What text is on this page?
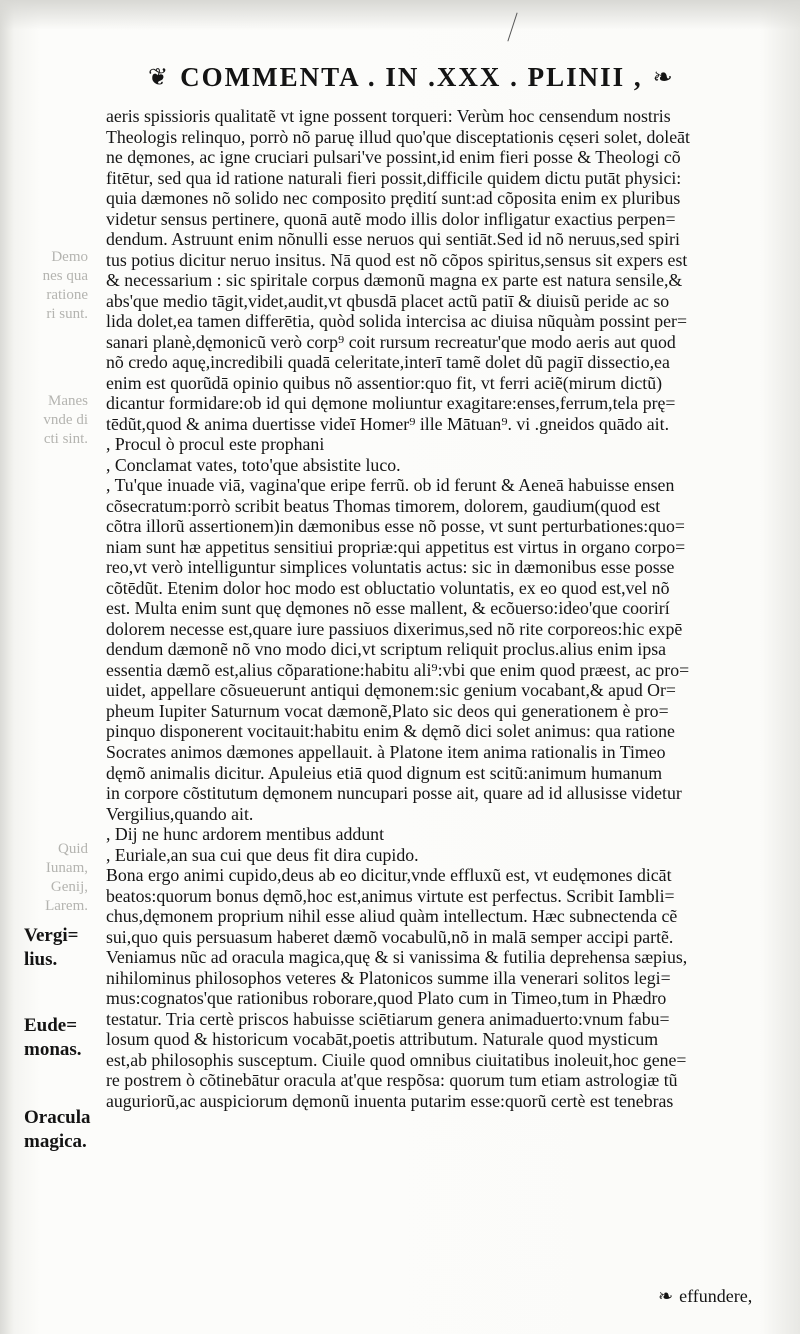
❦ COMMENTA . IN .XXX . PLINII , ❧
aeris spissioris qualitatẽ vt igne possent torqueri: Verùm hoc censendum nostris
Theologis relinquo, porrò nõ paruę illud quo'que disceptationis cęseri solet, doleāt
ne dęmones, ac igne cruciari pulsari've possint,id enim fieri posse & Theologi cõ
fitētur, sed qua id ratione naturali fieri possit,difficile quidem dictu putāt physici:
quia dæmones nõ solido nec composito prędití sunt:ad cõposita enim ex pluribus
videtur sensus pertinere, quonā autẽ modo illis dolor infligatur exactius perpen=
dendum. Astruunt enim nõnulli esse neruos qui sentiāt.Sed id nõ neruus,sed spiri
tus potius dicitur neruo insitus. Nā quod est nõ cõpos spiritus,sensus sit expers est
& necessarium : sic spiritale corpus dæmonũ magna ex parte est natura sensile,&
abs'que medio tāgit,videt,audit,vt qbusdā placet actũ patiī & diuisũ peride ac so
lida dolet,ea tamen differētia, quòd solida intercisa ac diuisa nũquàm possint per=
sanari planè,dęmonicũ verò corp⁹ coit rursum recreatur'que modo aeris aut quod
nõ credo aquę,incredibili quadā celeritate,interī tamẽ dolet dũ pagiī dissectio,ea
enim est quorũdā opinio quibus nõ assentior:quo fit, vt ferri aciẽ(mirum dictũ)
dicantur formidare:ob id qui dęmone moliuntur exagitare:enses,ferrum,tela prę=
tēdũt,quod & anima duertisse videī Homer⁹ ille Mātuan⁹. vi .gneidos quādo ait.
, Procul ò procul este prophani
, Conclamat vates, toto'que absistite luco.
, Tu'que inuade viā, vagina'que eripe ferrũ. ob id ferunt & Aeneā habuisse ensen
cõsecratum:porrò scribit beatus Thomas timorem, dolorem, gaudium(quod est
cõtra illorũ assertionem)in dæmonibus esse nõ posse, vt sunt perturbationes:quo=
niam sunt hæ appetitus sensitiui propriæ:qui appetitus est virtus in organo corpo=
reo,vt verò intelliguntur simplices voluntatis actus: sic in dæmonibus esse posse
cõtēdũt. Etenim dolor hoc modo est obluctatio voluntatis, ex eo quod est,vel nõ
est. Multa enim sunt quę dęmones nõ esse mallent, & ecõuerso:ideo'que coorirí
dolorem necesse est,quare iure passiuos dixerimus,sed nõ rite corporeos:hic expē
dendum dæmonẽ nõ vno modo dici,vt scriptum reliquit proclus.alius enim ipsa
essentia dæmõ est,alius cõparatione:habitu ali⁹:vbi que enim quod præest, ac pro=
uidet, appellare cõsueuerunt antiqui dęmonem:sic genium vocabant,& apud Or=
pheum Iupiter Saturnum vocat dæmonẽ,Plato sic deos qui generationem è pro=
pinquo disponerent vocitauit:habitu enim & dęmõ dici solet animus: qua ratione
Socrates animos dæmones appellauit. à Platone item anima rationalis in Timeo
dęmõ animalis dicitur. Apuleius etiā quod dignum est scitũ:animum humanum
in corpore cõstitutum dęmonem nuncupari posse ait, quare ad id allusisse videtur
Vergilius,quando ait.
, Dij ne hunc ardorem mentibus addunt
, Euriale,an sua cui que deus fit dira cupido.
Bona ergo animi cupido,deus ab eo dicitur,vnde effluxũ est, vt eudęmones dicāt
beatos:quorum bonus dęmõ,hoc est,animus virtute est perfectus. Scribit Iambli=
chus,dęmonem proprium nihil esse aliud quàm intellectum. Hæc subnectenda cẽ
sui,quo quis persuasum haberet dæmõ vocabulũ,nõ in malā semper accipi partẽ.
Veniamus nũc ad oracula magica,quę & si vanissima & futilia deprehensa sæpius,
nihilominus philosophos veteres & Platonicos summe illa venerari solitos legi=
mus:cognatos'que rationibus roborare,quod Plato cum in Timeo,tum in Phædro
testatur. Tria certè priscos habuisse sciētiarum genera animaduerto:vnum fabu=
losum quod & historicum vocabāt,poetis attributum. Naturale quod mysticum
est,ab philosophis susceptum. Ciuile quod omnibus ciuitatibus inoleuit,hoc gene=
re postrem ò cõtinebātur oracula at'que respõsa: quorum tum etiam astrologiæ tũ
auguriorũ,ac auspiciorum dęmonũ inuenta putarim esse:quorũ certè est tenebras
Demo
nes qua
ratione
ri sunt.
Manes
vnde di
cti sint.
Quid
Iunam,
Genij,
Larem.
Vergi=
lius.
Eude=
monas.
Oracula
magica.
❧ effundere,
